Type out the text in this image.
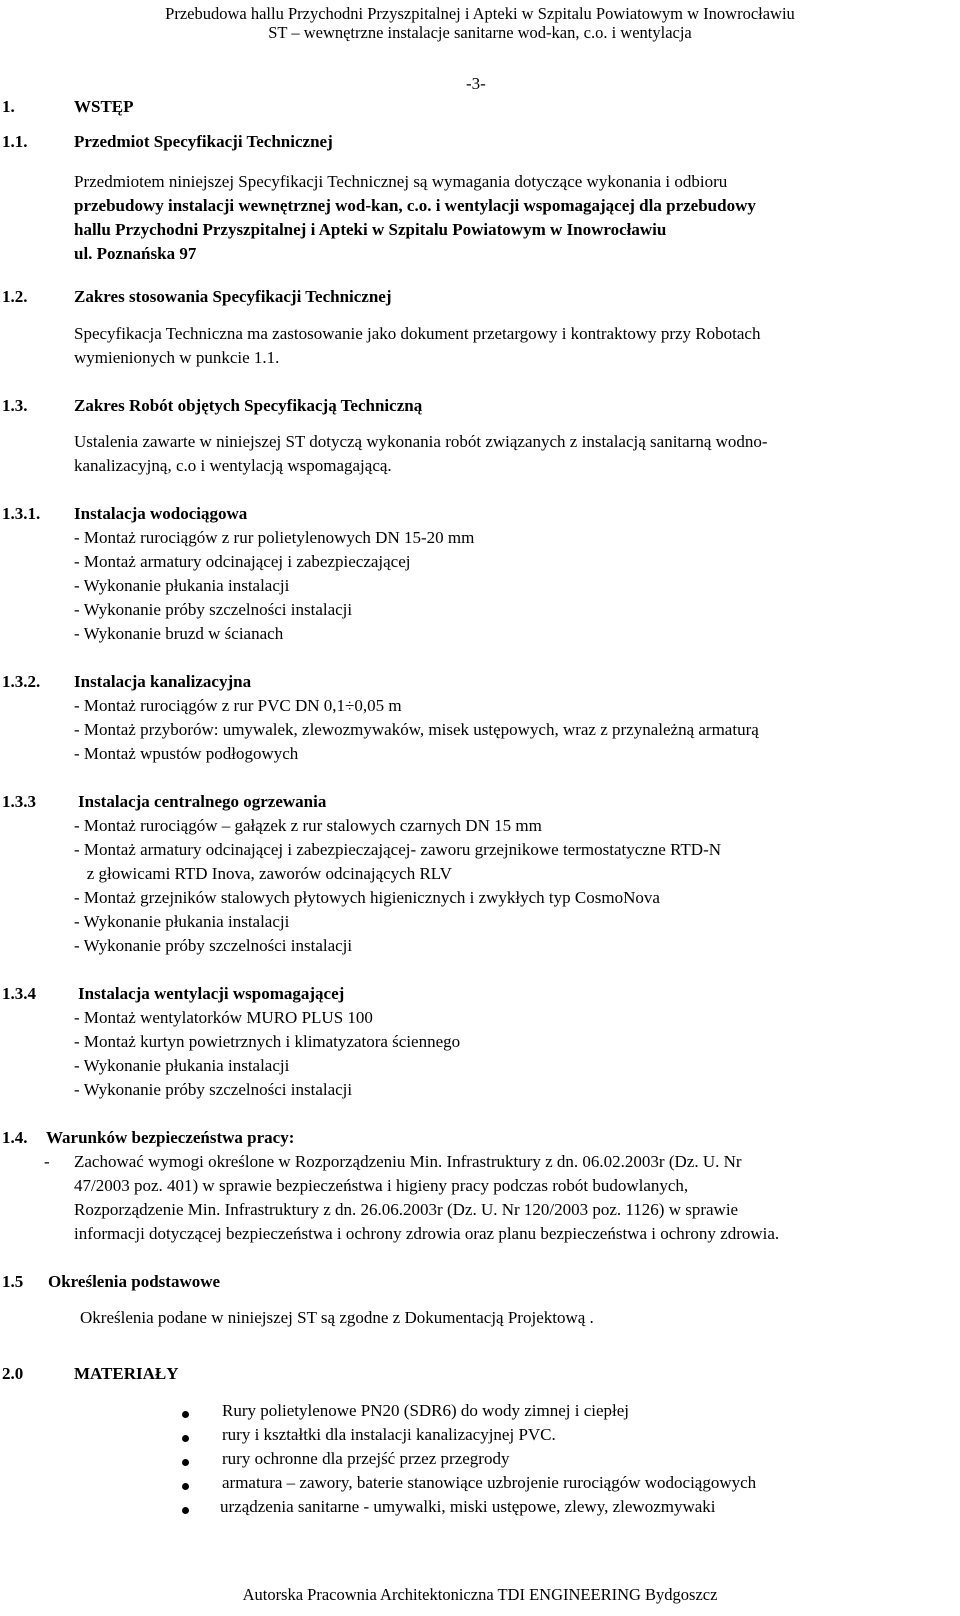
Przebudowa hallu Przychodni Przyszpitalnej i Apteki w Szpitalu Powiatowym w Inowrocławiu
ST – wewnętrzne instalacje sanitarne wod-kan, c.o. i wentylacja
-3-
1.	WSTĘP
1.1.	Przedmiot Specyfikacji Technicznej
Przedmiotem niniejszej Specyfikacji Technicznej są wymagania dotyczące wykonania i odbioru
przebudowy instalacji wewnętrznej wod-kan, c.o. i wentylacji wspomagającej dla przebudowy
hallu Przychodni Przyszpitalnej i Apteki w Szpitalu Powiatowym w Inowrocławiu
ul. Poznańska 97
1.2.	Zakres stosowania Specyfikacji Technicznej
Specyfikacja Techniczna ma zastosowanie jako dokument przetargowy i kontraktowy przy Robotach
wymienionych w punkcie 1.1.
1.3.	Zakres Robót objętych Specyfikacją Techniczną
Ustalenia zawarte w niniejszej ST dotyczą wykonania robót związanych z instalacją sanitarną wodno-
kanalizacyjną, c.o i wentylacją wspomagającą.
1.3.1. Instalacja wodociągowa
- Montaż rurociągów z rur polietylenowych DN 15-20 mm
- Montaż armatury odcinającej i zabezpieczającej
- Wykonanie płukania instalacji
- Wykonanie próby szczelności instalacji
- Wykonanie bruzd w ścianach
1.3.2. Instalacja kanalizacyjna
- Montaż rurociągów z rur PVC DN 0,1÷0,05 m
- Montaż przyborów: umywalek, zlewozmywaków, misek ustępowych, wraz z przynależną armaturą
- Montaż wpustów podłogowych
1.3.3 Instalacja centralnego ogrzewania
- Montaż rurociągów – gałązek z rur stalowych czarnych DN 15 mm
- Montaż armatury odcinającej i zabezpieczającej- zaworu grzejnikowe termostatyczne RTD-N
z głowicami RTD Inova, zaworów odcinających RLV
- Montaż grzejników stalowych płytowych higienicznych i zwykłych typ CosmoNova
- Wykonanie płukania instalacji
- Wykonanie próby szczelności instalacji
1.3.4 Instalacja wentylacji wspomagającej
- Montaż wentylatorków MURO PLUS 100
- Montaż kurtyn powietrznych i klimatyzatora ściennego
- Wykonanie płukania instalacji
- Wykonanie próby szczelności instalacji
1.4. Warunków bezpieczeństwa pracy:
- Zachować wymogi określone w Rozporządzeniu Min. Infrastruktury z dn. 06.02.2003r (Dz. U. Nr
47/2003 poz. 401) w sprawie bezpieczeństwa i higieny pracy podczas robót budowlanych,
Rozporządzenie Min. Infrastruktury z dn. 26.06.2003r (Dz. U. Nr 120/2003 poz. 1126) w sprawie
informacji dotyczącej bezpieczeństwa i ochrony zdrowia oraz planu bezpieczeństwa i ochrony zdrowia.
1.5 Określenia podstawowe
Określenia podane w niniejszej ST są zgodne z Dokumentacją Projektową .
2.0	MATERIAŁY
Rury polietylenowe PN20 (SDR6) do wody zimnej i ciepłej
rury i kształtki dla instalacji kanalizacyjnej PVC.
rury ochronne dla przejść przez przegrody
armatura – zawory, baterie stanowiące uzbrojenie rurociągów wodociągowych
urządzenia sanitarne - umywalki, miski ustępowe, zlewy, zlewozmywaki
Autorska Pracownia Architektoniczna TDI ENGINEERING Bydgoszcz
